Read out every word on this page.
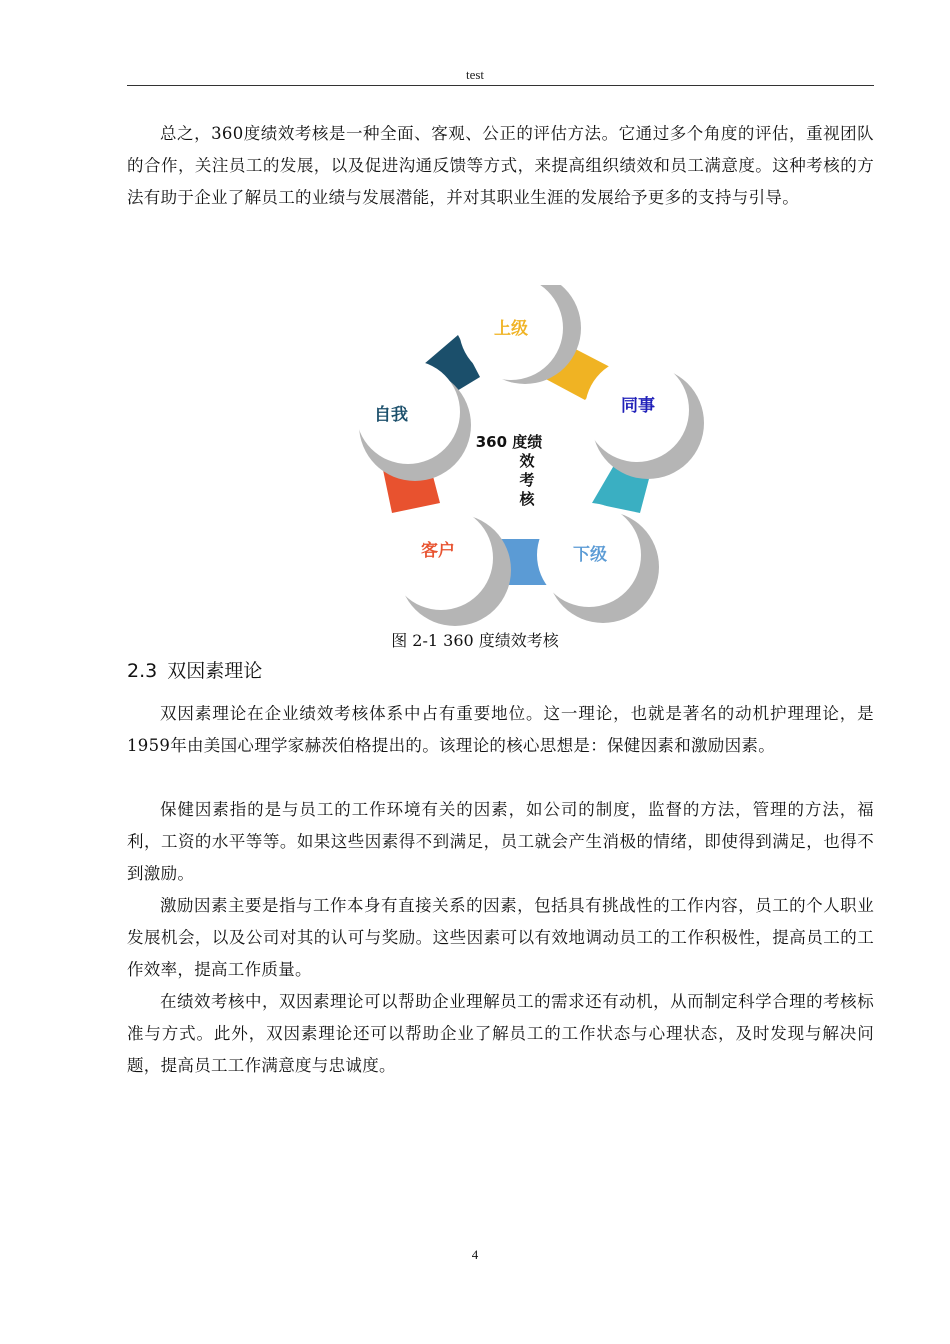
test

总之，360度绩效考核是一种全面、客观、公正的评估方法。它通过多个角度的评估，重视团队的合作，关注员工的发展，以及促进沟通反馈等方式，来提高组织绩效和员工满意度。这种考核的方法有助于企业了解员工的业绩与发展潜能，并对其职业生涯的发展给予更多的支持与引导。

上级
同事
下级
客户
自我
360 度绩
效
考
核
图 2-1 360 度绩效考核
2.3 双因素理论

双因素理论在企业绩效考核体系中占有重要地位。这一理论，也就是著名的动机护理理论，是1959年由美国心理学家赫茨伯格提出的。该理论的核心思想是：保健因素和激励因素。

保健因素指的是与员工的工作环境有关的因素，如公司的制度，监督的方法，管理的方法，福利，工资的水平等等。如果这些因素得不到满足，员工就会产生消极的情绪，即使得到满足，也得不到激励。

激励因素主要是指与工作本身有直接关系的因素，包括具有挑战性的工作内容，员工的个人职业发展机会，以及公司对其的认可与奖励。这些因素可以有效地调动员工的工作积极性，提高员工的工作效率，提高工作质量。

在绩效考核中，双因素理论可以帮助企业理解员工的需求还有动机，从而制定科学合理的考核标准与方式。此外，双因素理论还可以帮助企业了解员工的工作状态与心理状态，及时发现与解决问题，提高员工工作满意度与忠诚度。

4
